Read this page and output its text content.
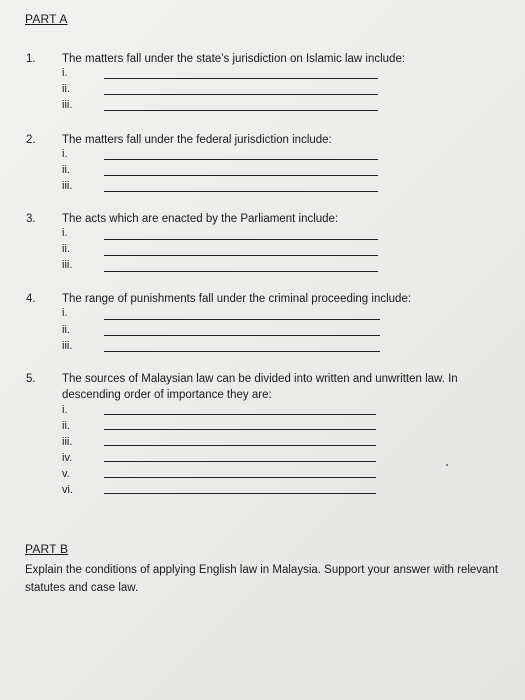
PART A
1. The matters fall under the state’s jurisdiction on Islamic law include:
i.
ii.
iii.
2. The matters fall under the federal jurisdiction include:
i.
ii.
iii.
3. The acts which are enacted by the Parliament include:
i.
ii.
iii.
4. The range of punishments fall under the criminal proceeding include:
i.
ii.
iii.
5. The sources of Malaysian law can be divided into written and unwritten law. In descending order of importance they are:
i.
ii.
iii.
iv.
v.
vi.
PART B
Explain the conditions of applying English law in Malaysia. Support your answer with relevant statutes and case law.
